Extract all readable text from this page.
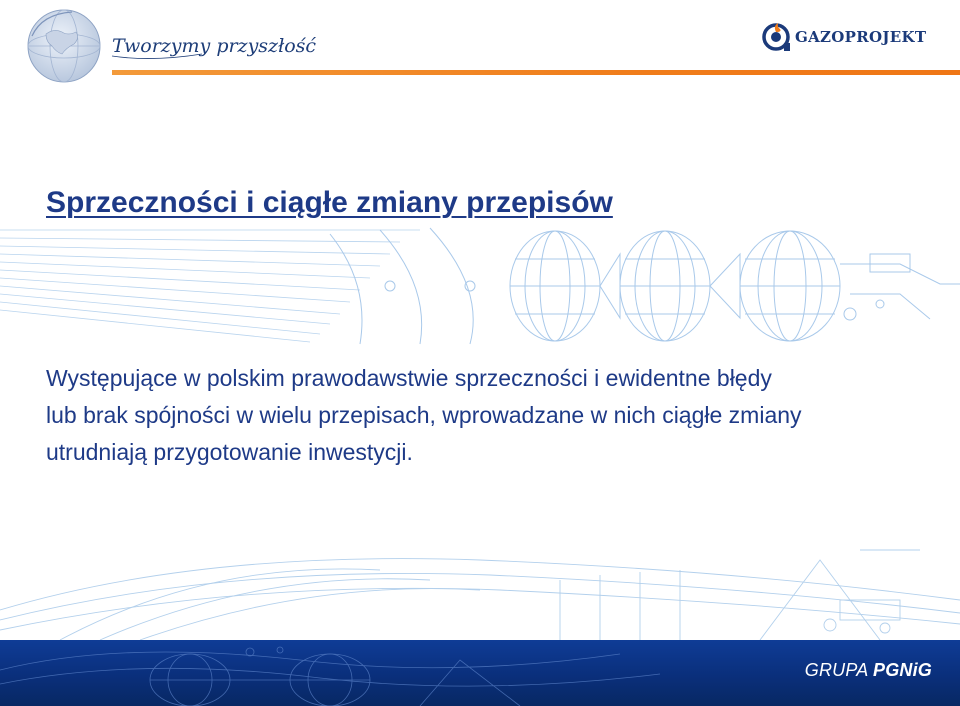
Tworzymy przyszłość	GAZOPROJEKT
Sprzeczności i ciągłe zmiany przepisów

Występujące w polskim prawodawstwie sprzeczności i ewidentne błędy
lub brak spójności w wielu przepisach, wprowadzane w nich ciągłe zmiany
utrudniają przygotowanie inwestycji.

GRUPA PGNiG
